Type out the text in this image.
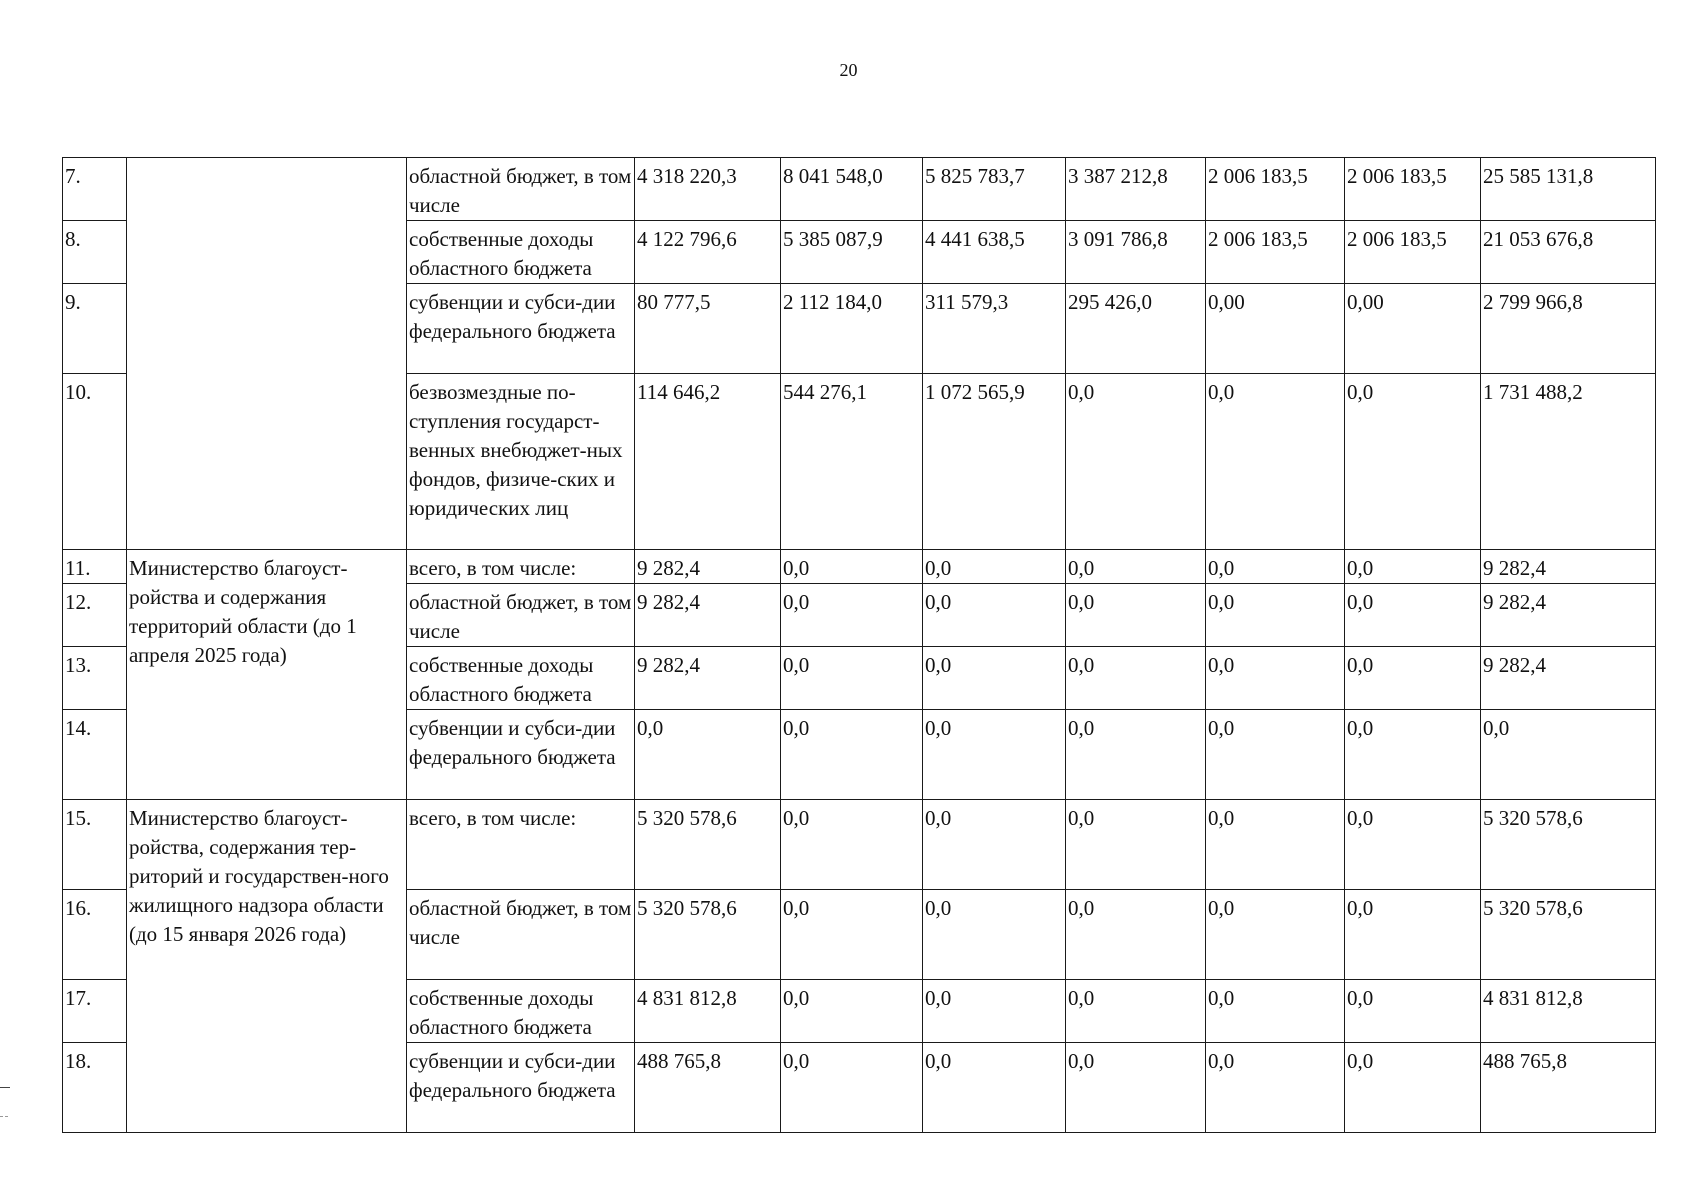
20
7.		областной бюджет, в том числе	4 318 220,3	8 041 548,0	5 825 783,7	3 387 212,8	2 006 183,5	2 006 183,5	25 585 131,8
8.		собственные доходы областного бюджета	4 122 796,6	5 385 087,9	4 441 638,5	3 091 786,8	2 006 183,5	2 006 183,5	21 053 676,8
9.		субвенции и субси-дии федерального бюджета	80 777,5	2 112 184,0	311 579,3	295 426,0	0,00	0,00	2 799 966,8
10.		безвозмездные по-ступления государст-венных внебюджет-ных фондов, физиче-ских и юридических лиц	114 646,2	544 276,1	1 072 565,9	0,0	0,0	0,0	1 731 488,2
11.	Министерство благоуст-ройства и содержания территорий области (до 1 апреля 2025 года)	всего, в том числе:	9 282,4	0,0	0,0	0,0	0,0	0,0	9 282,4
12.		областной бюджет, в том числе	9 282,4	0,0	0,0	0,0	0,0	0,0	9 282,4
13.		собственные доходы областного бюджета	9 282,4	0,0	0,0	0,0	0,0	0,0	9 282,4
14.		субвенции и субси-дии федерального бюджета	0,0	0,0	0,0	0,0	0,0	0,0	0,0
15.	Министерство благоуст-ройства, содержания тер-риторий и государствен-ного жилищного надзора области (до 15 января 2026 года)	всего, в том числе:	5 320 578,6	0,0	0,0	0,0	0,0	0,0	5 320 578,6
16.		областной бюджет, в том числе	5 320 578,6	0,0	0,0	0,0	0,0	0,0	5 320 578,6
17.		собственные доходы областного бюджета	4 831 812,8	0,0	0,0	0,0	0,0	0,0	4 831 812,8
18.		субвенции и субси-дии федерального бюджета	488 765,8	0,0	0,0	0,0	0,0	0,0	488 765,8
